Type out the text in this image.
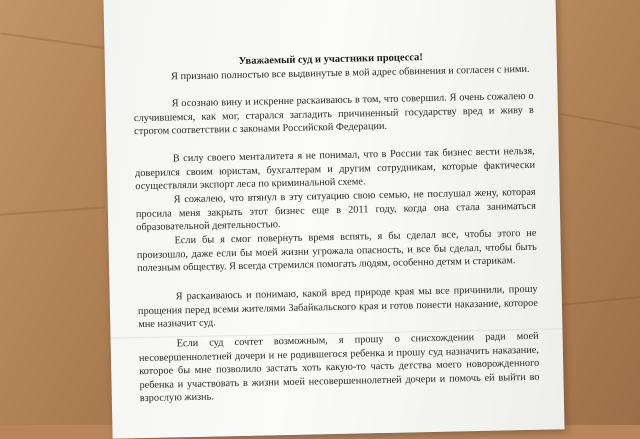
Уважаемый суд и участники процесса!

Я признаю полностью все выдвинутые в мой адрес обвинения и согласен с ними.

Я осознаю вину и искренне раскаиваюсь в том, что совершил. Я очень сожалею о случившемся, как мог, старался загладить причиненный государству вред и живу в строгом соответствии с законами Российской Федерации.

В силу своего менталитета я не понимал, что в России так бизнес вести нельзя, доверился своим юристам, бухгалтерам и другим сотрудникам, которые фактически осуществляли экспорт леса по криминальной схеме.

Я сожалею, что втянул в эту ситуацию свою семью, не послушал жену, которая просила меня закрыть этот бизнес еще в 2011 году, когда она стала заниматься образовательной деятельностью.

Если бы я смог повернуть время вспять, я бы сделал все, чтобы этого не произошло, даже если бы моей жизни угрожала опасность, и все бы сделал, чтобы быть полезным обществу. Я всегда стремился помогать людям, особенно детям и старикам.

Я раскаиваюсь и понимаю, какой вред природе края мы все причинили, прошу прощения перед всеми жителями Забайкальского края и готов понести наказание, которое мне назначит суд.

Если суд сочтет возможным, я прошу о снисхождении ради моей несовершеннолетней дочери и не родившегося ребенка и прошу суд назначить наказание, которое бы мне позволило застать хоть какую-то часть детства моего новорожденного ребенка и участвовать в жизни моей несовершеннолетней дочери и помочь ей выйти во взрослую жизнь.
